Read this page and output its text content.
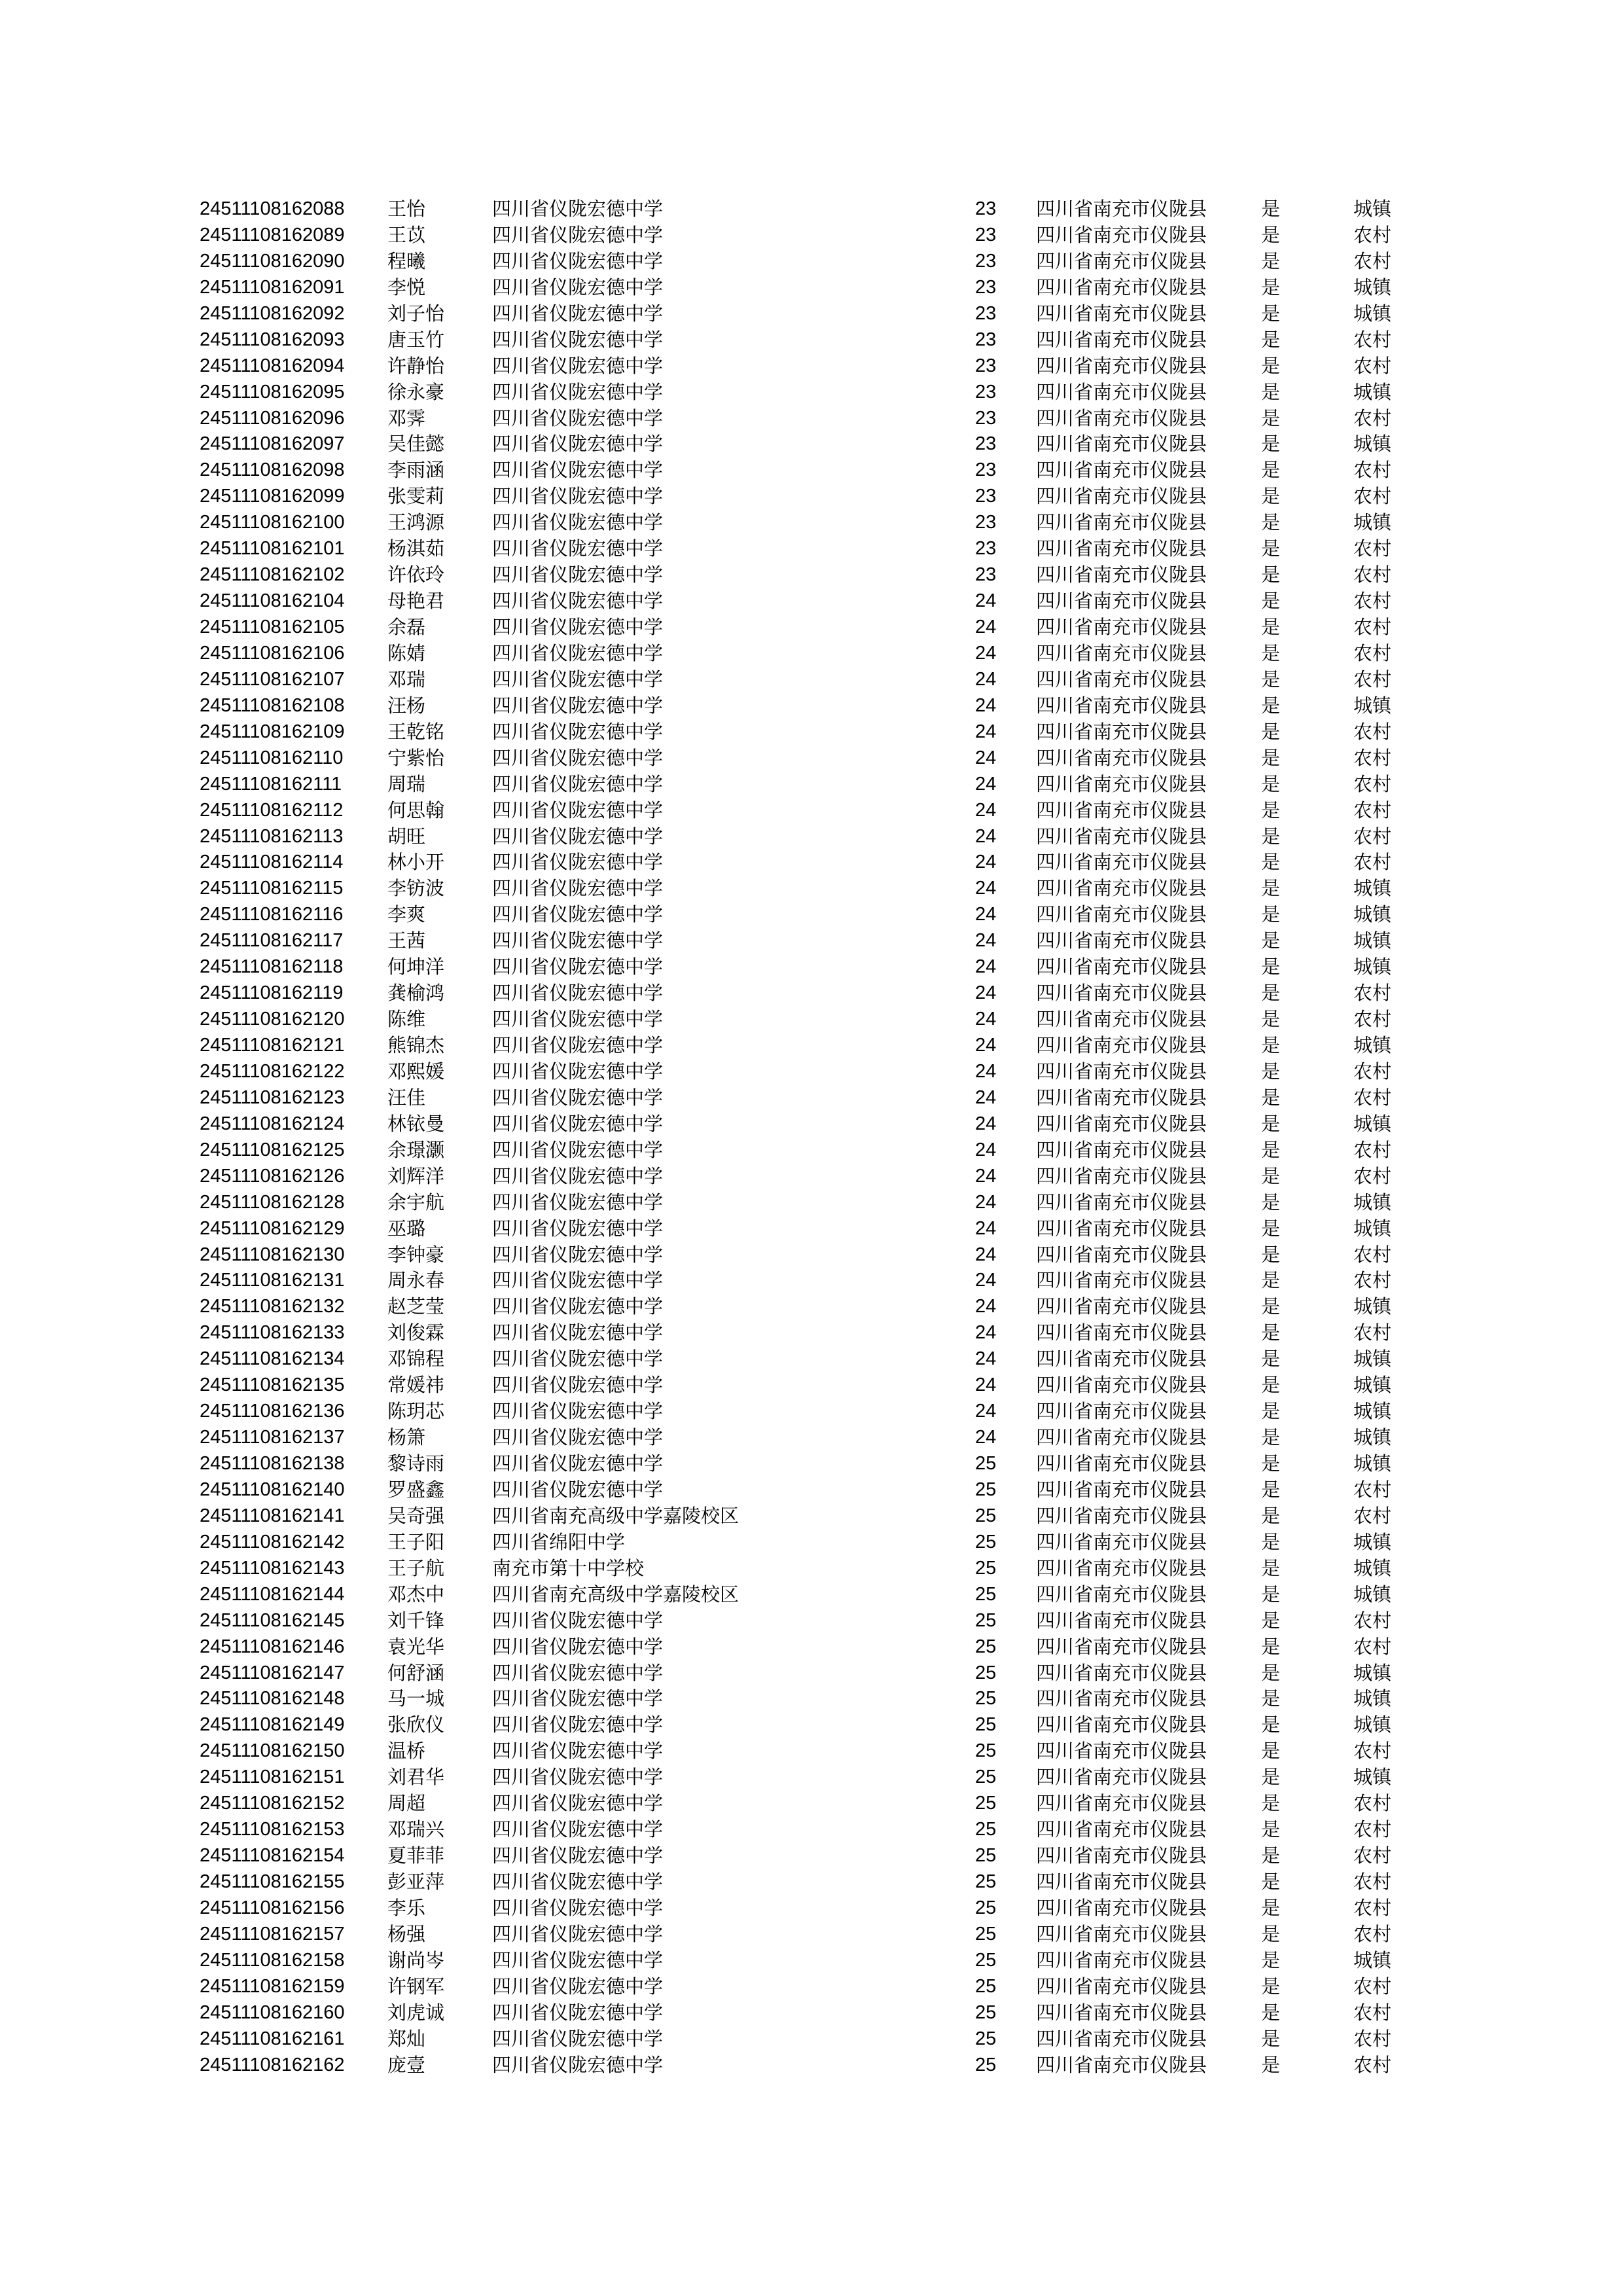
24511108162088 王怡	四川省仪陇宏德中学	23 四川省南充市仪陇县	是	城镇
24511108162089 王苡	四川省仪陇宏德中学	23 四川省南充市仪陇县	是	农村
24511108162090 程曦	四川省仪陇宏德中学	23 四川省南充市仪陇县	是	农村
24511108162091 李悦	四川省仪陇宏德中学	23 四川省南充市仪陇县	是	城镇
24511108162092 刘子怡	四川省仪陇宏德中学	23 四川省南充市仪陇县	是	城镇
24511108162093 唐玉竹	四川省仪陇宏德中学	23 四川省南充市仪陇县	是	农村
24511108162094 许静怡	四川省仪陇宏德中学	23 四川省南充市仪陇县	是	农村
24511108162095 徐永豪	四川省仪陇宏德中学	23 四川省南充市仪陇县	是	城镇
24511108162096 邓霁	四川省仪陇宏德中学	23 四川省南充市仪陇县	是	农村
24511108162097 吴佳懿	四川省仪陇宏德中学	23 四川省南充市仪陇县	是	城镇
24511108162098 李雨涵	四川省仪陇宏德中学	23 四川省南充市仪陇县	是	农村
24511108162099 张雯莉	四川省仪陇宏德中学	23 四川省南充市仪陇县	是	农村
24511108162100 王鸿源	四川省仪陇宏德中学	23 四川省南充市仪陇县	是	城镇
24511108162101 杨淇茹	四川省仪陇宏德中学	23 四川省南充市仪陇县	是	农村
24511108162102 许依玲	四川省仪陇宏德中学	23 四川省南充市仪陇县	是	农村
24511108162104 母艳君	四川省仪陇宏德中学	24 四川省南充市仪陇县	是	农村
24511108162105 余磊	四川省仪陇宏德中学	24 四川省南充市仪陇县	是	农村
24511108162106 陈婧	四川省仪陇宏德中学	24 四川省南充市仪陇县	是	农村
24511108162107 邓瑞	四川省仪陇宏德中学	24 四川省南充市仪陇县	是	农村
24511108162108 汪杨	四川省仪陇宏德中学	24 四川省南充市仪陇县	是	城镇
24511108162109 王乾铭	四川省仪陇宏德中学	24 四川省南充市仪陇县	是	农村
24511108162110 宁紫怡	四川省仪陇宏德中学	24 四川省南充市仪陇县	是	农村
24511108162111 周瑞	四川省仪陇宏德中学	24 四川省南充市仪陇县	是	农村
24511108162112 何思翰	四川省仪陇宏德中学	24 四川省南充市仪陇县	是	农村
24511108162113 胡旺	四川省仪陇宏德中学	24 四川省南充市仪陇县	是	农村
24511108162114 林小开	四川省仪陇宏德中学	24 四川省南充市仪陇县	是	农村
24511108162115 李钫波	四川省仪陇宏德中学	24 四川省南充市仪陇县	是	城镇
24511108162116 李爽	四川省仪陇宏德中学	24 四川省南充市仪陇县	是	城镇
24511108162117 王茜	四川省仪陇宏德中学	24 四川省南充市仪陇县	是	城镇
24511108162118 何坤洋	四川省仪陇宏德中学	24 四川省南充市仪陇县	是	城镇
24511108162119 龚榆鸿	四川省仪陇宏德中学	24 四川省南充市仪陇县	是	农村
24511108162120 陈维	四川省仪陇宏德中学	24 四川省南充市仪陇县	是	农村
24511108162121 熊锦杰	四川省仪陇宏德中学	24 四川省南充市仪陇县	是	城镇
24511108162122 邓熙媛	四川省仪陇宏德中学	24 四川省南充市仪陇县	是	农村
24511108162123 汪佳	四川省仪陇宏德中学	24 四川省南充市仪陇县	是	农村
24511108162124 林铱曼	四川省仪陇宏德中学	24 四川省南充市仪陇县	是	城镇
24511108162125 余璟灏	四川省仪陇宏德中学	24 四川省南充市仪陇县	是	农村
24511108162126 刘辉洋	四川省仪陇宏德中学	24 四川省南充市仪陇县	是	农村
24511108162128 余宇航	四川省仪陇宏德中学	24 四川省南充市仪陇县	是	城镇
24511108162129 巫璐	四川省仪陇宏德中学	24 四川省南充市仪陇县	是	城镇
24511108162130 李钟豪	四川省仪陇宏德中学	24 四川省南充市仪陇县	是	农村
24511108162131 周永春	四川省仪陇宏德中学	24 四川省南充市仪陇县	是	农村
24511108162132 赵芝莹	四川省仪陇宏德中学	24 四川省南充市仪陇县	是	城镇
24511108162133 刘俊霖	四川省仪陇宏德中学	24 四川省南充市仪陇县	是	农村
24511108162134 邓锦程	四川省仪陇宏德中学	24 四川省南充市仪陇县	是	城镇
24511108162135 常媛祎	四川省仪陇宏德中学	24 四川省南充市仪陇县	是	城镇
24511108162136 陈玥芯	四川省仪陇宏德中学	24 四川省南充市仪陇县	是	城镇
24511108162137 杨箫	四川省仪陇宏德中学	24 四川省南充市仪陇县	是	城镇
24511108162138 黎诗雨	四川省仪陇宏德中学	25 四川省南充市仪陇县	是	城镇
24511108162140 罗盛鑫	四川省仪陇宏德中学	25 四川省南充市仪陇县	是	农村
24511108162141 吴奇强	四川省南充高级中学嘉陵校区	25 四川省南充市仪陇县	是	农村
24511108162142 王子阳	四川省绵阳中学	25 四川省南充市仪陇县	是	城镇
24511108162143 王子航	南充市第十中学校	25 四川省南充市仪陇县	是	城镇
24511108162144 邓杰中	四川省南充高级中学嘉陵校区	25 四川省南充市仪陇县	是	城镇
24511108162145 刘千锋	四川省仪陇宏德中学	25 四川省南充市仪陇县	是	农村
24511108162146 袁光华	四川省仪陇宏德中学	25 四川省南充市仪陇县	是	农村
24511108162147 何舒涵	四川省仪陇宏德中学	25 四川省南充市仪陇县	是	城镇
24511108162148 马一城	四川省仪陇宏德中学	25 四川省南充市仪陇县	是	城镇
24511108162149 张欣仪	四川省仪陇宏德中学	25 四川省南充市仪陇县	是	城镇
24511108162150 温桥	四川省仪陇宏德中学	25 四川省南充市仪陇县	是	农村
24511108162151 刘君华	四川省仪陇宏德中学	25 四川省南充市仪陇县	是	城镇
24511108162152 周超	四川省仪陇宏德中学	25 四川省南充市仪陇县	是	农村
24511108162153 邓瑞兴	四川省仪陇宏德中学	25 四川省南充市仪陇县	是	农村
24511108162154 夏菲菲	四川省仪陇宏德中学	25 四川省南充市仪陇县	是	农村
24511108162155 彭亚萍	四川省仪陇宏德中学	25 四川省南充市仪陇县	是	农村
24511108162156 李乐	四川省仪陇宏德中学	25 四川省南充市仪陇县	是	农村
24511108162157 杨强	四川省仪陇宏德中学	25 四川省南充市仪陇县	是	农村
24511108162158 谢尚岑	四川省仪陇宏德中学	25 四川省南充市仪陇县	是	城镇
24511108162159 许钢军	四川省仪陇宏德中学	25 四川省南充市仪陇县	是	农村
24511108162160 刘虎诚	四川省仪陇宏德中学	25 四川省南充市仪陇县	是	农村
24511108162161 郑灿	四川省仪陇宏德中学	25 四川省南充市仪陇县	是	农村
24511108162162 庞壹	四川省仪陇宏德中学	25 四川省南充市仪陇县	是	农村
